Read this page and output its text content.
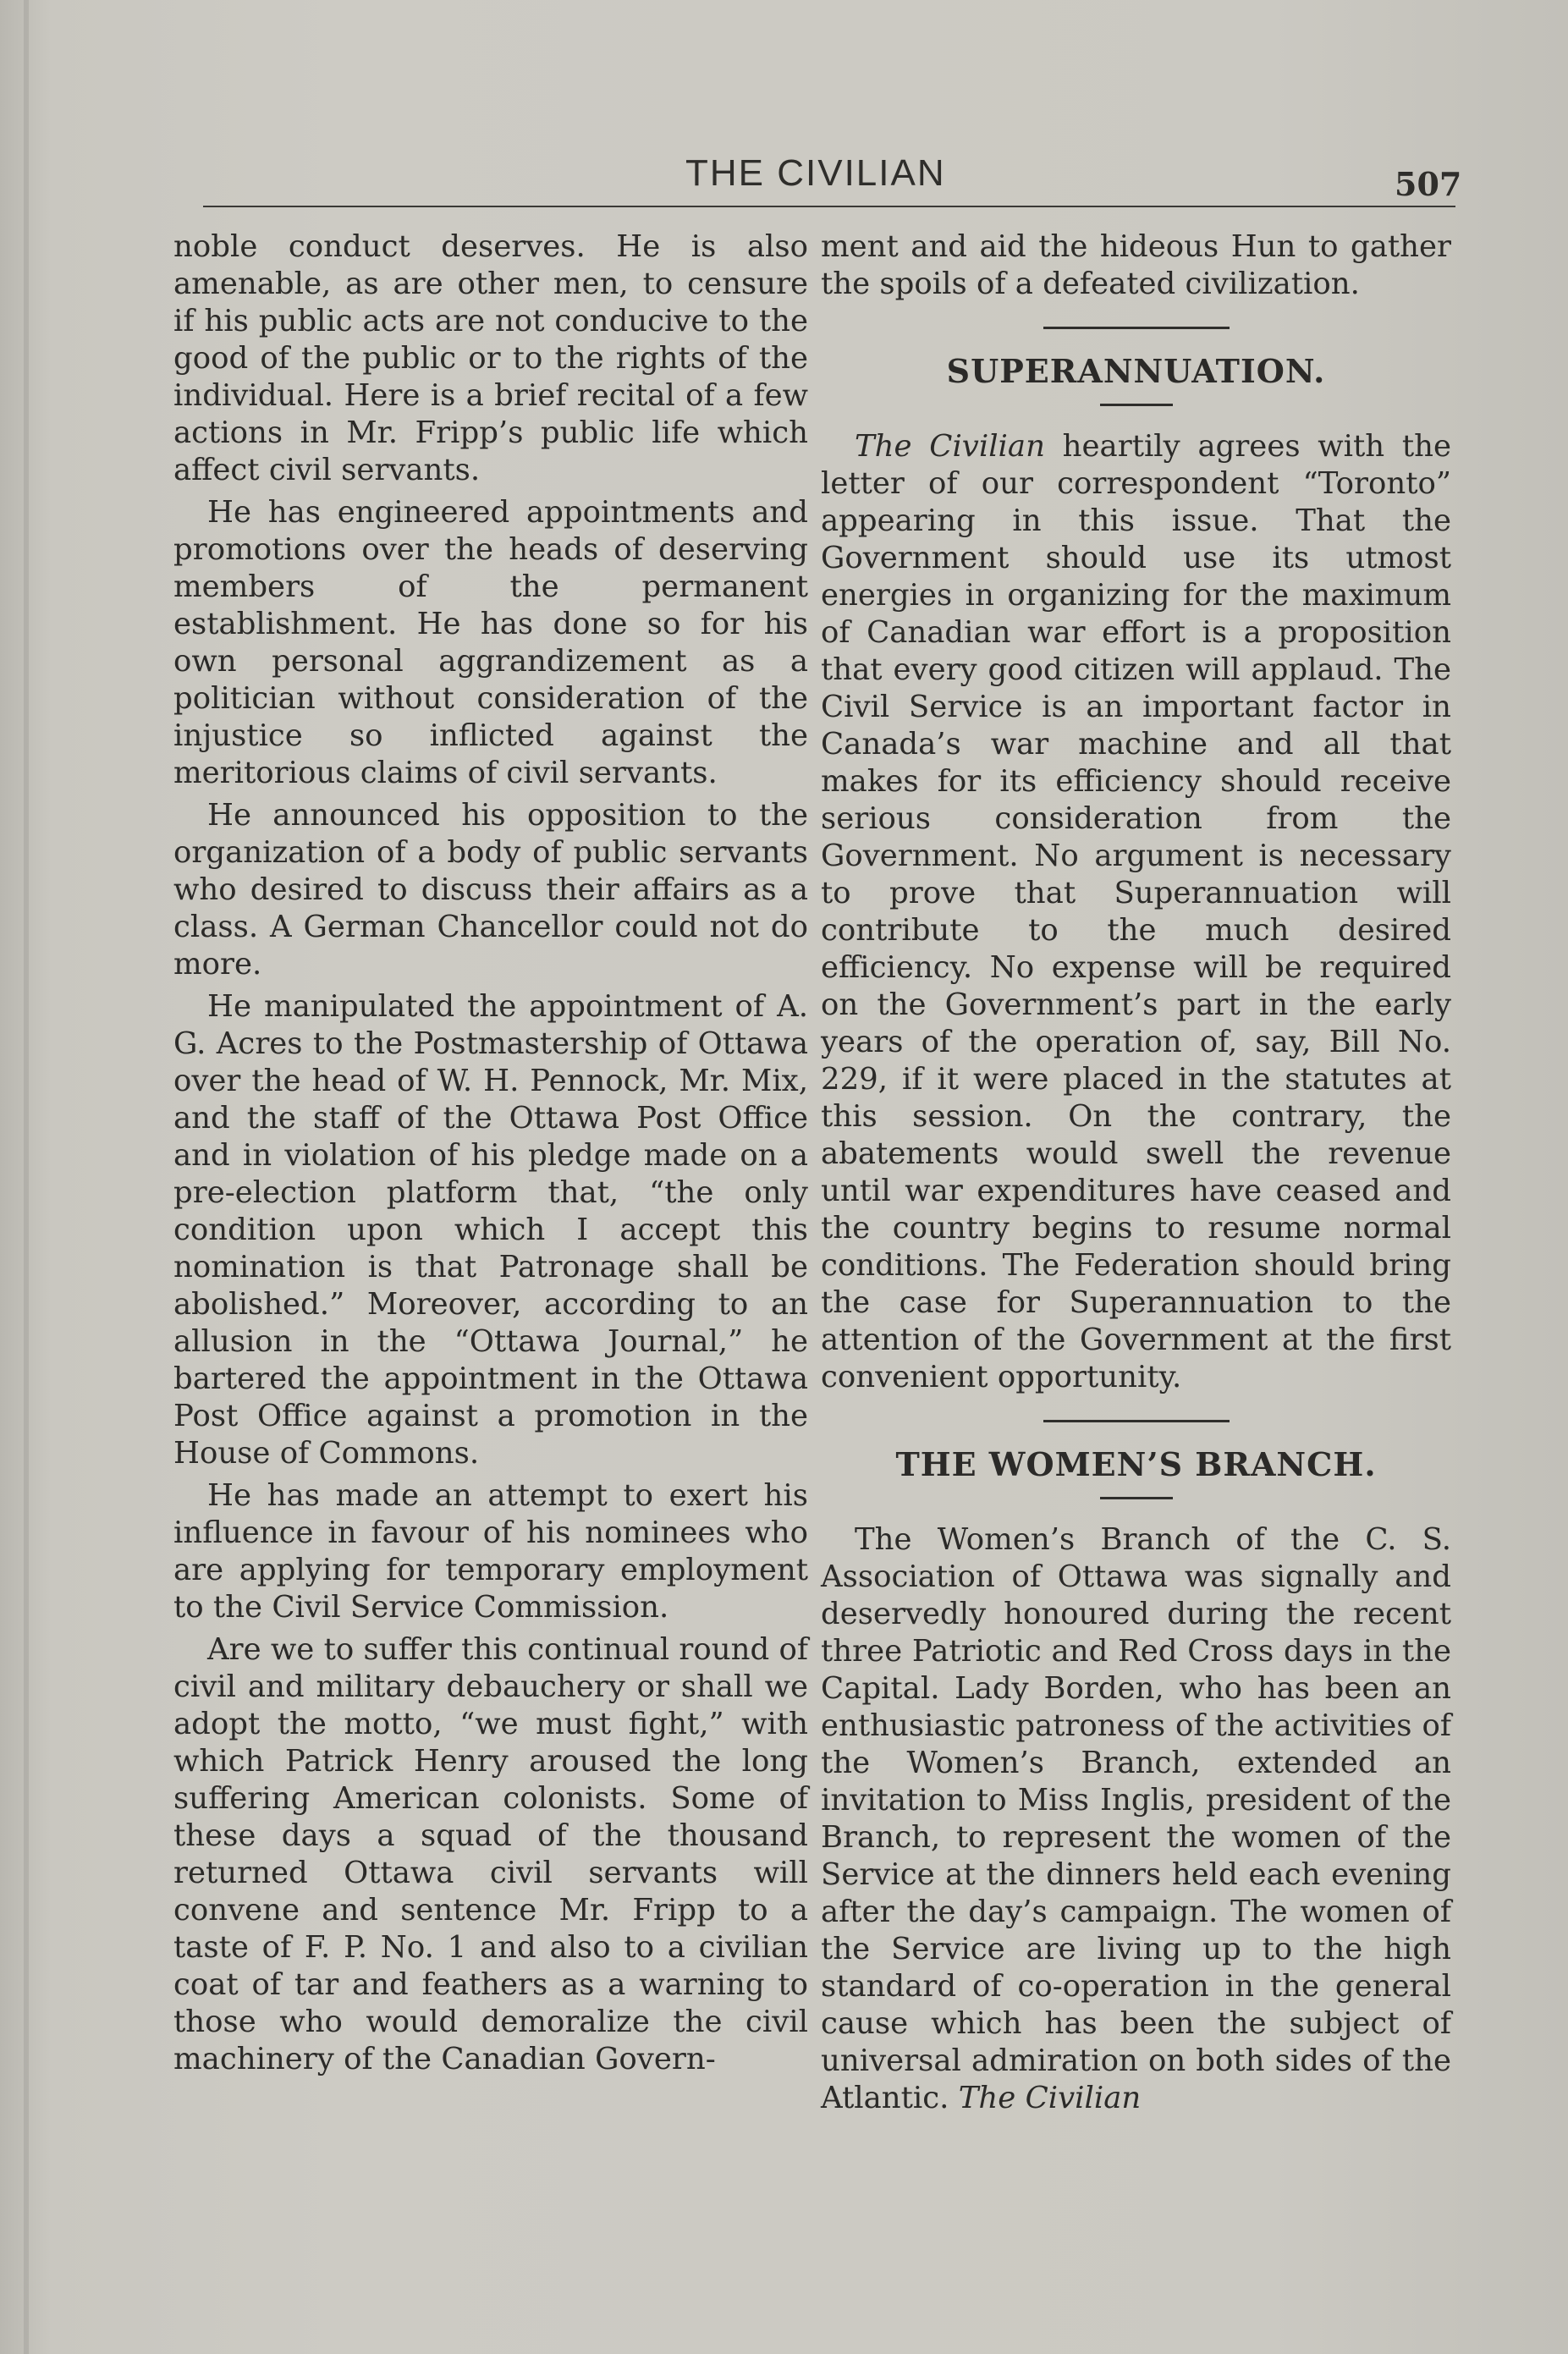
THE CIVILIAN	507

noble conduct deserves. He is also amenable, as are other men, to censure if his public acts are not conducive to the good of the public or to the rights of the individual. Here is a brief recital of a few actions in Mr. Fripp’s public life which affect civil servants.

He has engineered appointments and promotions over the heads of deserving members of the permanent establishment. He has done so for his own personal aggrandizement as a politician without consideration of the injustice so inflicted against the meritorious claims of civil servants.

He announced his opposition to the organization of a body of public servants who desired to discuss their affairs as a class. A German Chancellor could not do more.

He manipulated the appointment of A. G. Acres to the Postmastership of Ottawa over the head of W. H. Pennock, Mr. Mix, and the staff of the Ottawa Post Office and in violation of his pledge made on a pre-election platform that, “the only condition upon which I accept this nomination is that Patronage shall be abolished.” Moreover, according to an allusion in the “Ottawa Journal,” he bartered the appointment in the Ottawa Post Office against a promotion in the House of Commons.

He has made an attempt to exert his influence in favour of his nominees who are applying for temporary employment to the Civil Service Commission.

Are we to suffer this continual round of civil and military debauchery or shall we adopt the motto, “we must fight,” with which Patrick Henry aroused the long suffering American colonists. Some of these days a squad of the thousand returned Ottawa civil servants will convene and sentence Mr. Fripp to a taste of F. P. No. 1 and also to a civilian coat of tar and feathers as a warning to those who would demoralize the civil machinery of the Canadian Govern-

ment and aid the hideous Hun to gather the spoils of a defeated civilization.

SUPERANNUATION.

The Civilian heartily agrees with the letter of our correspondent “Toronto” appearing in this issue. That the Government should use its utmost energies in organizing for the maximum of Canadian war effort is a proposition that every good citizen will applaud. The Civil Service is an important factor in Canada’s war machine and all that makes for its efficiency should receive serious consideration from the Government. No argument is necessary to prove that Superannuation will contribute to the much desired efficiency. No expense will be required on the Government’s part in the early years of the operation of, say, Bill No. 229, if it were placed in the statutes at this session. On the contrary, the abatements would swell the revenue until war expenditures have ceased and the country begins to resume normal conditions. The Federation should bring the case for Superannuation to the attention of the Government at the first convenient opportunity.

THE WOMEN’S BRANCH.

The Women’s Branch of the C. S. Association of Ottawa was signally and deservedly honoured during the recent three Patriotic and Red Cross days in the Capital. Lady Borden, who has been an enthusiastic patroness of the activities of the Women’s Branch, extended an invitation to Miss Inglis, president of the Branch, to represent the women of the Service at the dinners held each evening after the day’s campaign. The women of the Service are living up to the high standard of co-operation in the general cause which has been the subject of universal admiration on both sides of the Atlantic. The Civilian
